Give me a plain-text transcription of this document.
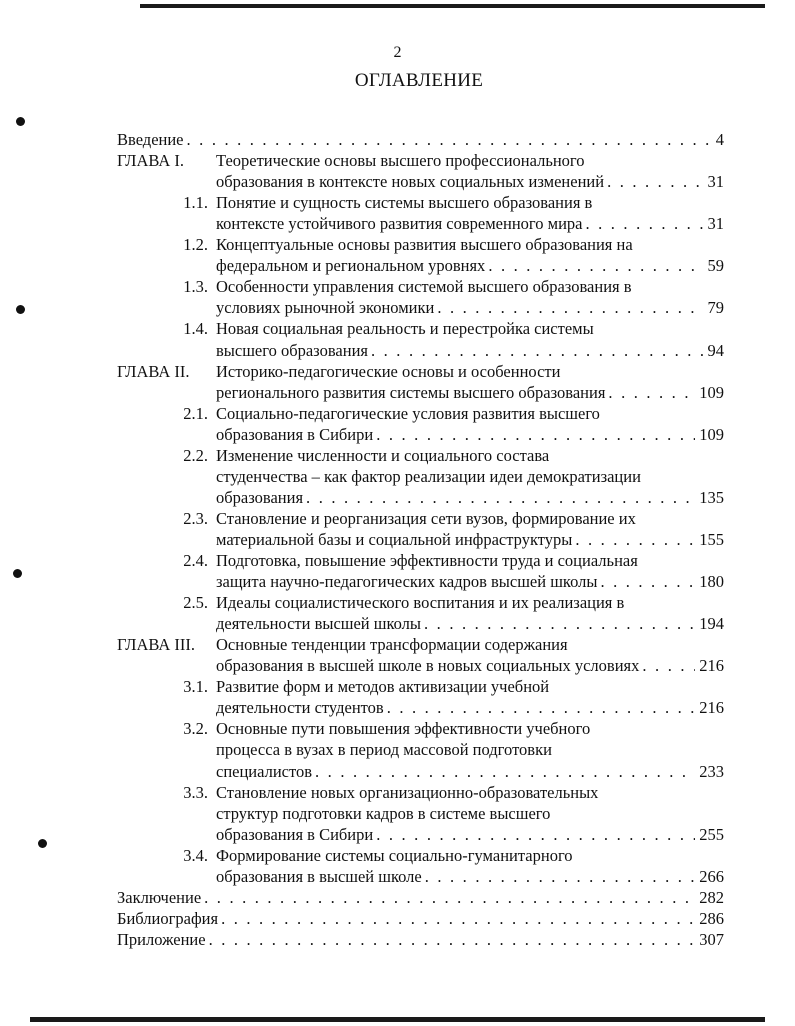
2
ОГЛАВЛЕНИЕ
Введение . . .	4
ГЛАВА I. Теоретические основы высшего профессионального
образования в контексте новых социальных изменений . . .	31
1.1. Понятие и сущность системы высшего образования в
контексте устойчивого развития современного мира . . .	31
1.2. Концептуальные основы развития высшего образования на
федеральном и региональном уровнях . . .	59
1.3. Особенности управления системой высшего образования в
условиях рыночной экономики . . .	79
1.4. Новая социальная реальность и перестройка системы
высшего образования . . .	94
ГЛАВА II. Историко-педагогические основы и особенности
регионального развития системы высшего образования . . .	109
2.1. Социально-педагогические условия развития высшего
образования в Сибири . . .	109
2.2. Изменение численности и социального состава
студенчества – как фактор реализации идеи демократизации
образования . . .	135
2.3. Становление и реорганизация сети вузов, формирование их
материальной базы и социальной инфраструктуры . . .	155
2.4. Подготовка, повышение эффективности труда и социальная
защита научно-педагогических кадров высшей школы . . .	180
2.5. Идеалы социалистического воспитания и их реализация в
деятельности высшей школы . . .	194
ГЛАВА III. Основные тенденции трансформации содержания
образования в высшей школе в новых социальных условиях . . .	216
3.1. Развитие форм и методов активизации учебной
деятельности студентов . . .	216
3.2. Основные пути повышения эффективности учебного
процесса в вузах в период массовой подготовки
специалистов . . .	233
3.3. Становление новых организационно-образовательных
структур подготовки кадров в системе высшего
образования в Сибири . . .	255
3.4. Формирование системы социально-гуманитарного
образования в высшей школе . . .	266
Заключение . . .	282
Библиография . . .	286
Приложение . . .	307
